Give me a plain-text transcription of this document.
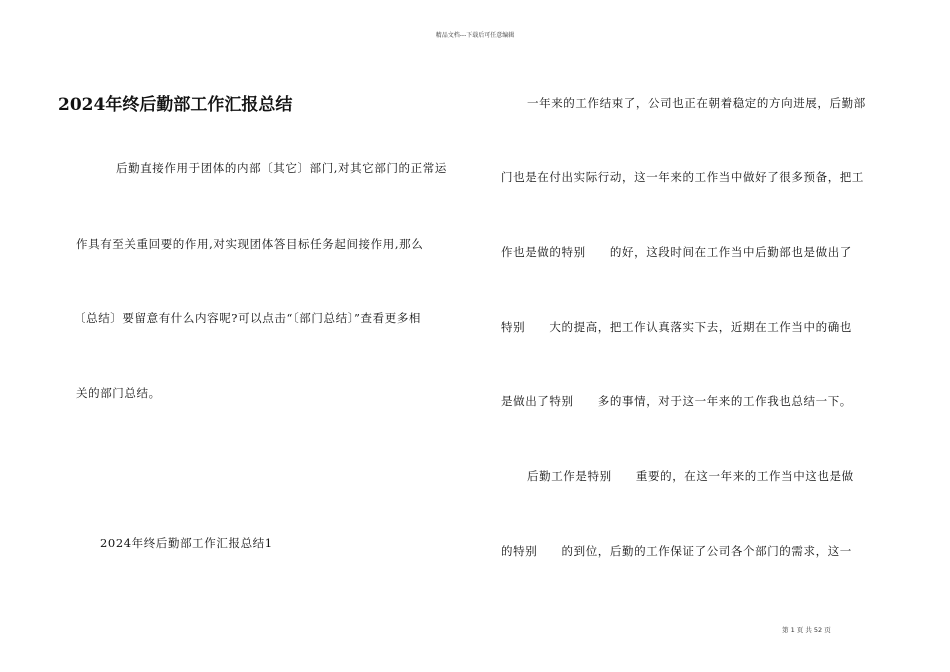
精品文档---下载后可任意编辑
2024年终后勤部工作汇报总结
后勤直接作用于团体的内部〔其它〕部门,对其它部门的正常运
作具有至关重回要的作用,对实现团体答目标任务起间接作用,那么
〔总结〕要留意有什么内容呢?可以点击“〔部门总结〕”查看更多相
关的部门总结。
2024年终后勤部工作汇报总结1
一年来的工作结束了，公司也正在朝着稳定的方向进展，后勤部
门也是在付出实际行动，这一年来的工作当中做好了很多预备，把工
作也是做的特别　　的好，这段时间在工作当中后勤部也是做出了
特别　　大的提高，把工作认真落实下去，近期在工作当中的确也
是做出了特别　　多的事情，对于这一年来的工作我也总结一下。
后勤工作是特别　　重要的，在这一年来的工作当中这也是做
的特别　　的到位，后勤的工作保证了公司各个部门的需求，这一
第 1 页 共 52 页
